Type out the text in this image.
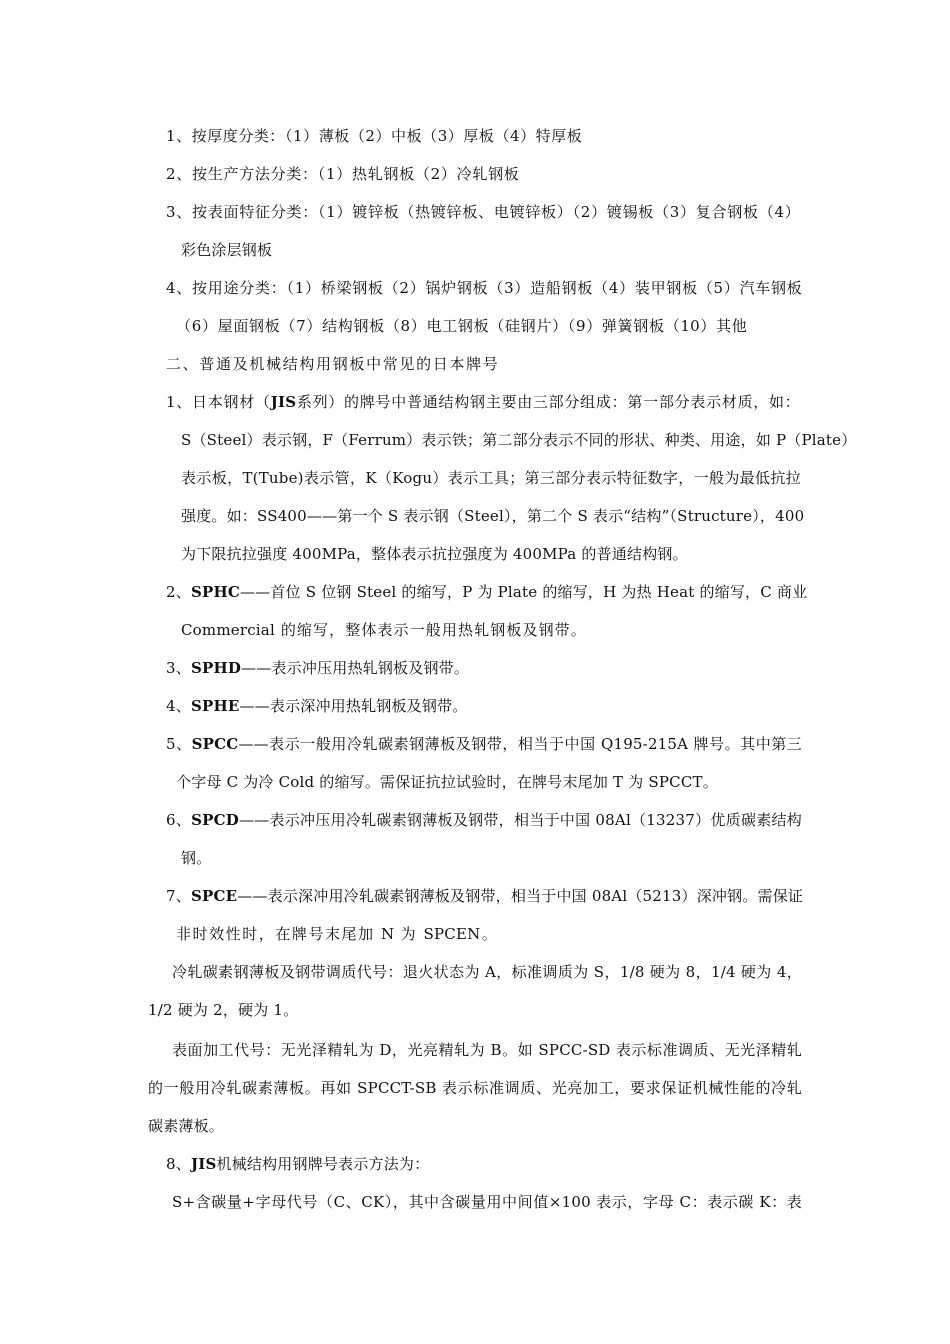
1、按厚度分类：（1）薄板（2）中板（3）厚板（4）特厚板
2、按生产方法分类：（1）热轧钢板（2）冷轧钢板
3、按表面特征分类：（1）镀锌板（热镀锌板、电镀锌板）（2）镀锡板（3）复合钢板（4）
彩色涂层钢板
4、按用途分类：（1）桥梁钢板（2）锅炉钢板（3）造船钢板（4）装甲钢板（5）汽车钢板
（6）屋面钢板（7）结构钢板（8）电工钢板（硅钢片）（9）弹簧钢板（10）其他
二、普通及机械结构用钢板中常见的日本牌号
1、日本钢材（JIS系列）的牌号中普通结构钢主要由三部分组成：第一部分表示材质，如：
S（Steel）表示钢，F（Ferrum）表示铁；第二部分表示不同的形状、种类、用途，如 P（Plate）
表示板，T(Tube)表示管，K（Kogu）表示工具；第三部分表示特征数字，一般为最低抗拉
强度。如：SS400——第一个 S 表示钢（Steel），第二个 S 表示“结构”（Structure），400
为下限抗拉强度 400MPa，整体表示抗拉强度为 400MPa 的普通结构钢。
2、SPHC——首位 S 位钢 Steel 的缩写，P 为 Plate 的缩写，H 为热 Heat 的缩写，C 商业
Commercial 的缩写，整体表示一般用热轧钢板及钢带。
3、SPHD——表示冲压用热轧钢板及钢带。
4、SPHE——表示深冲用热轧钢板及钢带。
5、SPCC——表示一般用冷轧碳素钢薄板及钢带，相当于中国 Q195-215A 牌号。其中第三
个字母 C 为冷 Cold 的缩写。需保证抗拉试验时，在牌号末尾加 T 为 SPCCT。
6、SPCD——表示冲压用冷轧碳素钢薄板及钢带，相当于中国 08Al（13237）优质碳素结构
钢。
7、SPCE——表示深冲用冷轧碳素钢薄板及钢带，相当于中国 08Al（5213）深冲钢。需保证
非时效性时，在牌号末尾加 N 为 SPCEN。
冷轧碳素钢薄板及钢带调质代号：退火状态为 A，标准调质为 S，1/8 硬为 8，1/4 硬为 4，
1/2 硬为 2，硬为 1。
表面加工代号：无光泽精轧为 D，光亮精轧为 B。如 SPCC-SD 表示标准调质、无光泽精轧
的一般用冷轧碳素薄板。再如 SPCCT-SB 表示标准调质、光亮加工，要求保证机械性能的冷轧
碳素薄板。
8、JIS机械结构用钢牌号表示方法为：
S+含碳量+字母代号（C、CK），其中含碳量用中间值×100 表示，字母 C：表示碳 K：表
